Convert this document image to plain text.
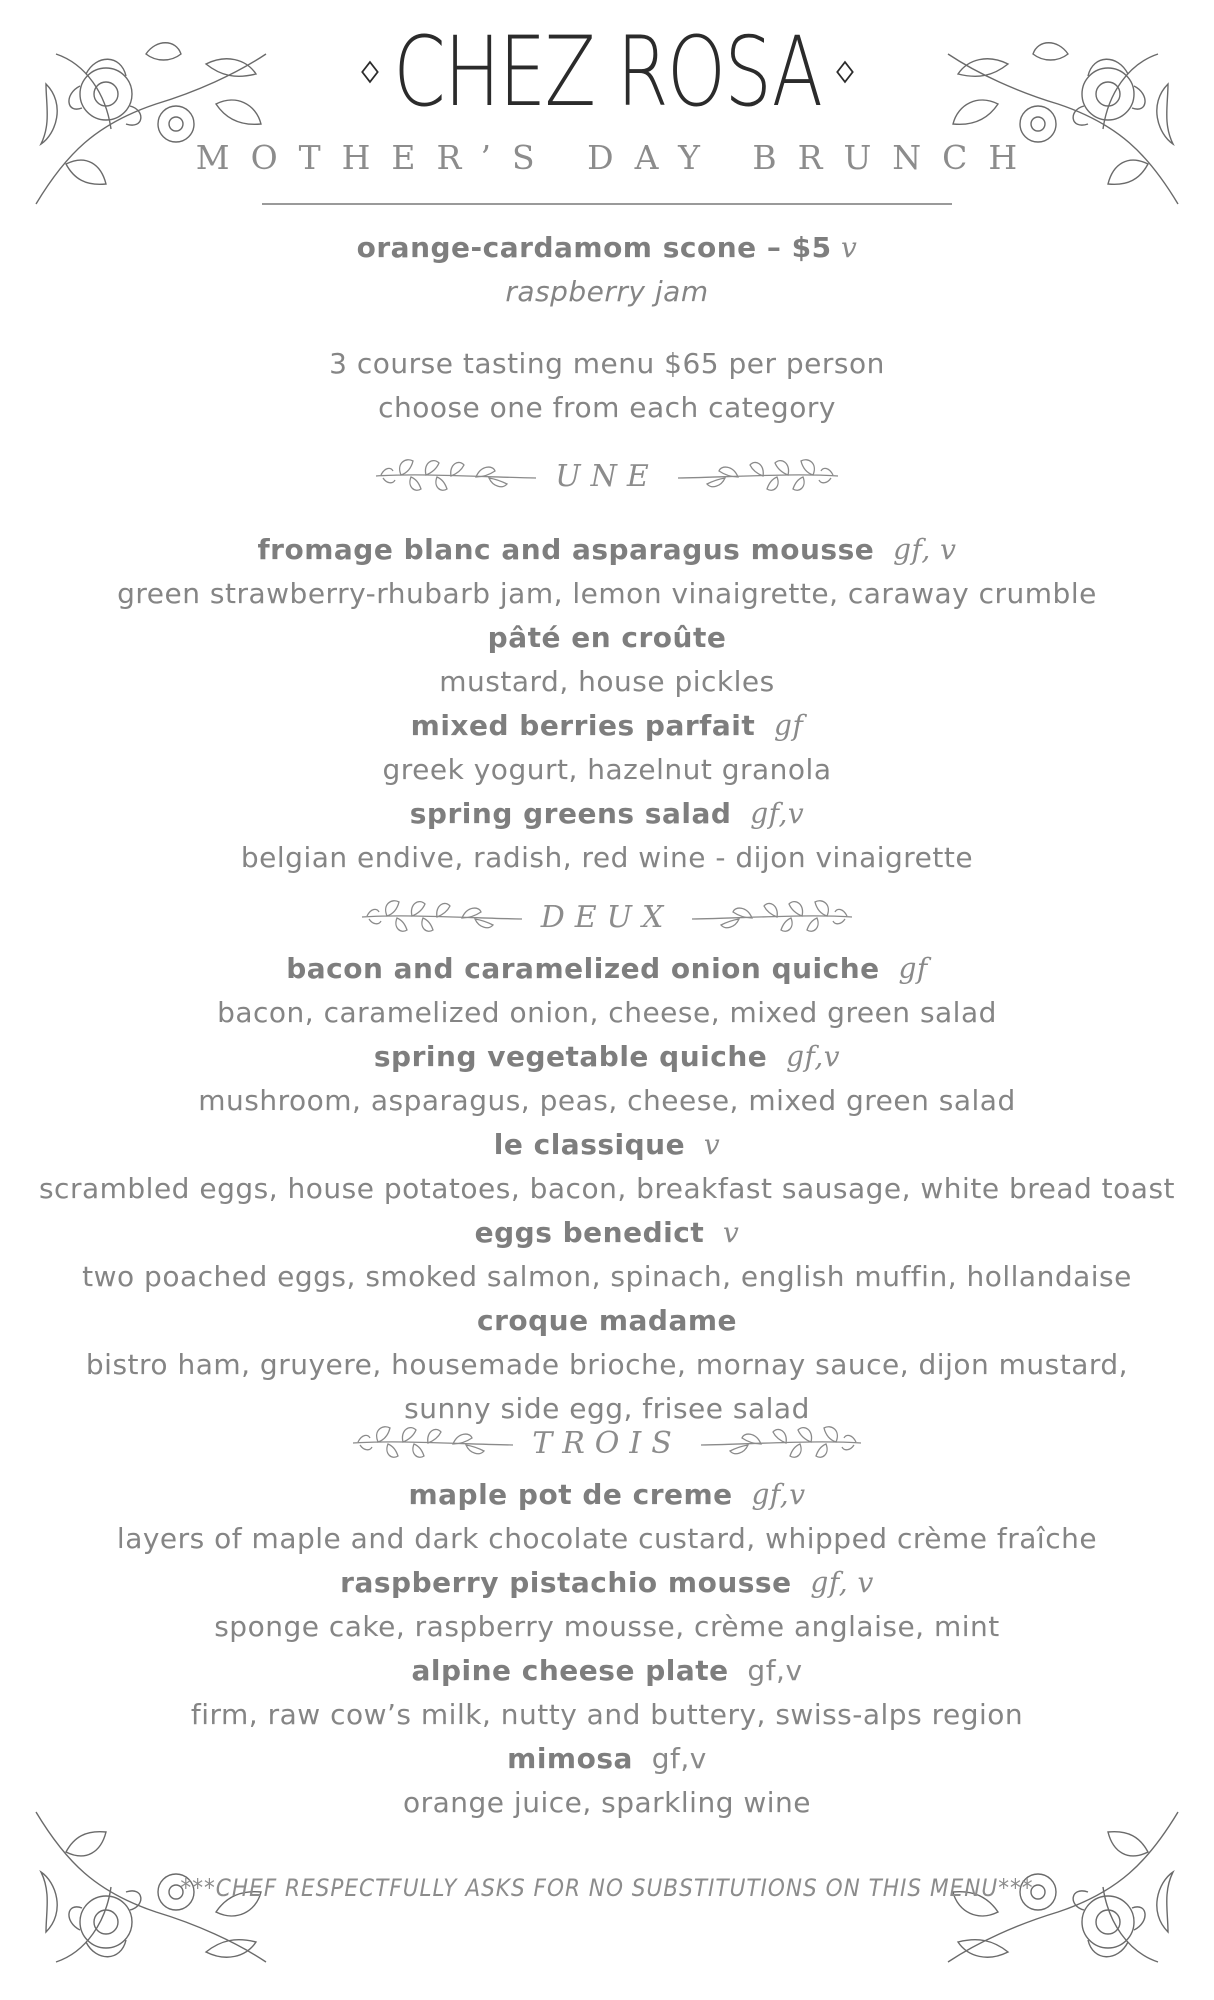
CHEZ ROSA
MOTHER’S DAY BRUNCH
orange-cardamom scone – $5 v
raspberry jam
3 course tasting menu $65 per person
choose one from each category
UNE
fromage blanc and asparagus mousse gf, v
green strawberry-rhubarb jam, lemon vinaigrette, caraway crumble
pâté en croûte
mustard, house pickles
mixed berries parfait gf
greek yogurt, hazelnut granola
spring greens salad gf,v
belgian endive, radish, red wine - dijon vinaigrette
DEUX
bacon and caramelized onion quiche gf
bacon, caramelized onion, cheese, mixed green salad
spring vegetable quiche gf,v
mushroom, asparagus, peas, cheese, mixed green salad
le classique v
scrambled eggs, house potatoes, bacon, breakfast sausage, white bread toast
eggs benedict v
two poached eggs, smoked salmon, spinach, english muffin, hollandaise
croque madame
bistro ham, gruyere, housemade brioche, mornay sauce, dijon mustard,
sunny side egg, frisee salad
TROIS
maple pot de creme gf,v
layers of maple and dark chocolate custard, whipped crème fraîche
raspberry pistachio mousse gf, v
sponge cake, raspberry mousse, crème anglaise, mint
alpine cheese plate gf,v
firm, raw cow’s milk, nutty and buttery, swiss-alps region
mimosa gf,v
orange juice, sparkling wine
***CHEF RESPECTFULLY ASKS FOR NO SUBSTITUTIONS ON THIS MENU***
